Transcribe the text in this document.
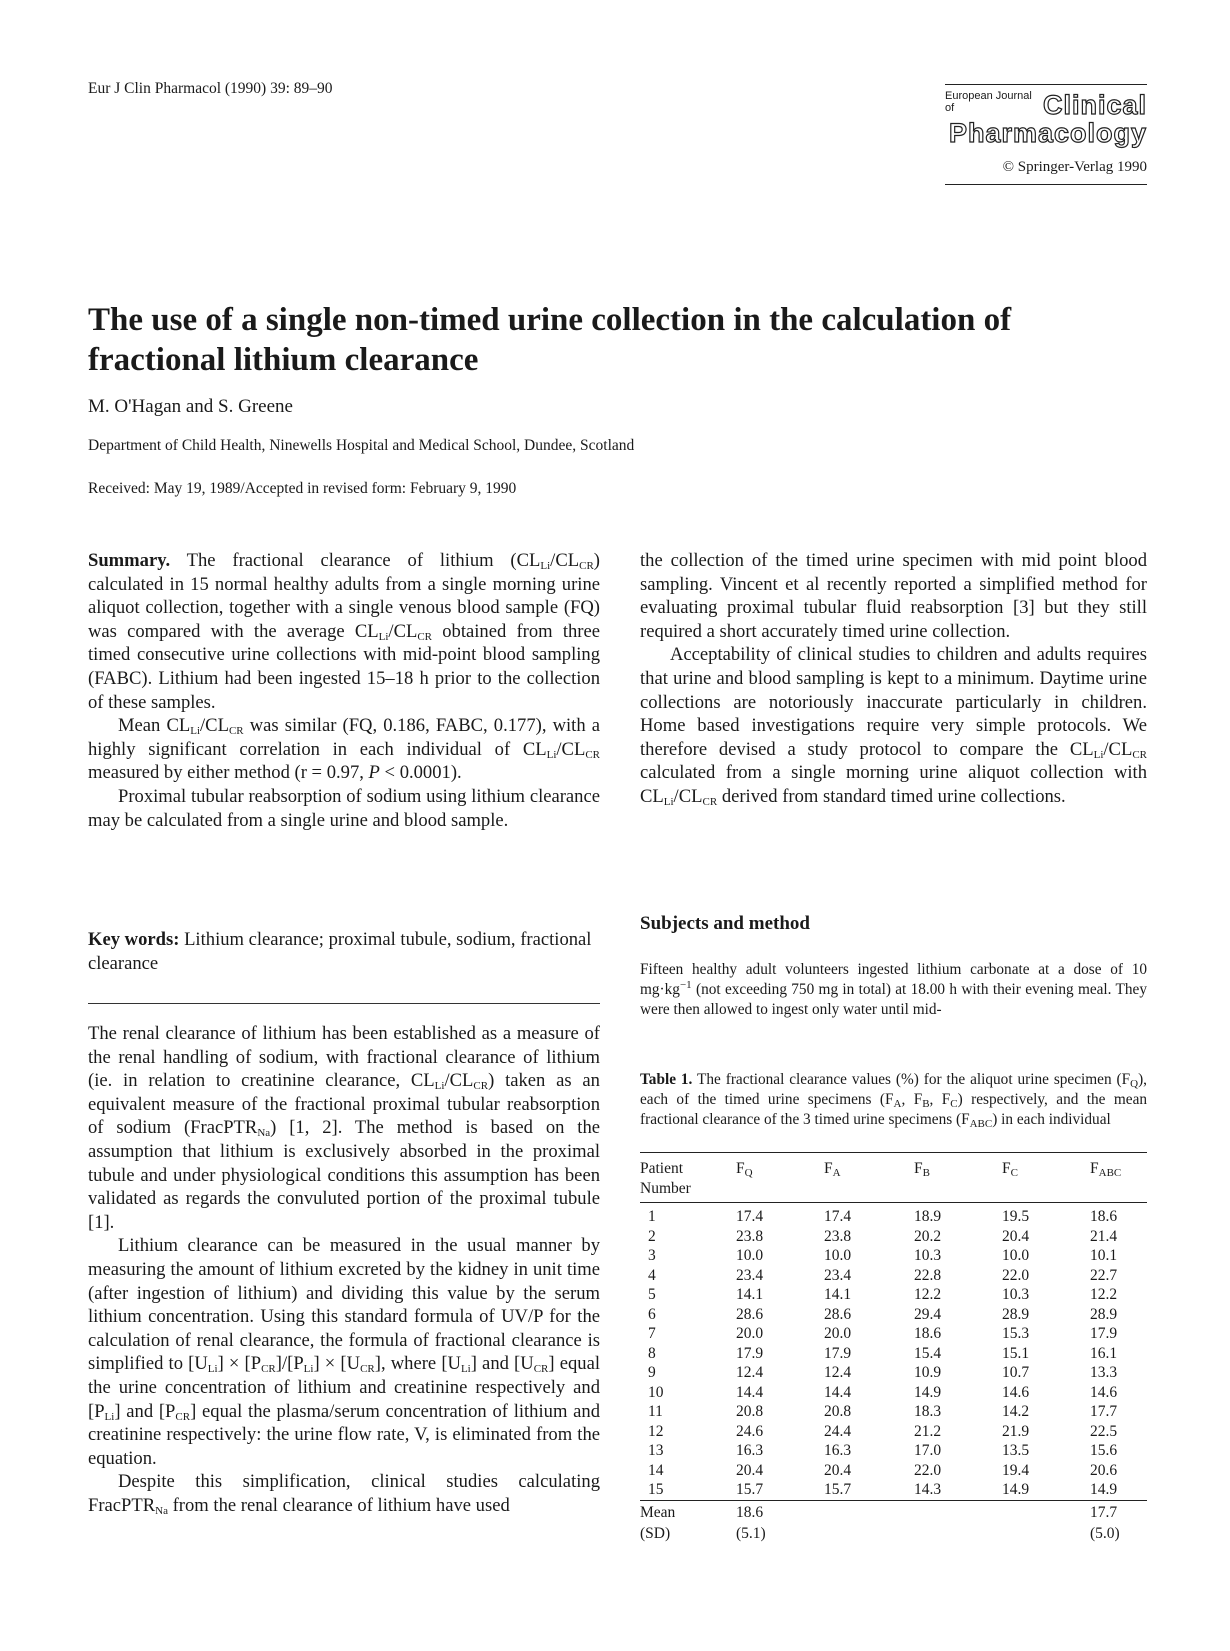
Eur J Clin Pharmacol (1990) 39: 89–90	European Journal of	Clinical
Pharmacology
© Springer-Verlag 1990
The use of a single non-timed urine collection in the calculation of fractional lithium clearance
M. O'Hagan and S. Greene
Department of Child Health, Ninewells Hospital and Medical School, Dundee, Scotland
Received: May 19, 1989/Accepted in revised form: February 9, 1990

Summary. The fractional clearance of lithium $(CL_{Li}/CL_{CR})$ calculated in 15 normal healthy adults from a single morning urine aliquot collection, together with a single venous blood sample (FQ) was compared with the average $CL_{Li}/CL_{CR}$ obtained from three timed consecutive urine collections with mid-point blood sampling (FABC). Lithium had been ingested 15–18 h prior to the collection of these samples.

Mean $CL_{Li}/CL_{CR}$ was similar (FQ, 0.186, FABC, 0.177), with a highly significant correlation in each individual of $CL_{Li}/CL_{CR}$ measured by either method (r = 0.97, P < 0.0001).

Proximal tubular reabsorption of sodium using lithium clearance may be calculated from a single urine and blood sample.

Key words: Lithium clearance; proximal tubule, sodium, fractional clearance

The renal clearance of lithium has been established as a measure of the renal handling of sodium, with fractional clearance of lithium (ie. in relation to creatinine clearance, $CL_{Li}/CL_{CR}$) taken as an equivalent measure of the fractional proximal tubular reabsorption of sodium (FracPTR$_{Na}$) [1, 2]. The method is based on the assumption that lithium is exclusively absorbed in the proximal tubule and under physiological conditions this assumption has been validated as regards the convuluted portion of the proximal tubule [1].

Lithium clearance can be measured in the usual manner by measuring the amount of lithium excreted by the kidney in unit time (after ingestion of lithium) and dividing this value by the serum lithium concentration. Using this standard formula of UV/P for the calculation of renal clearance, the formula of fractional clearance is simplified to $[U_{Li}] \times [P_{CR}]/[P_{Li}] \times [U_{CR}]$, where $[U_{Li}]$ and $[U_{CR}]$ equal the urine concentration of lithium and creatinine respectively and $[P_{Li}]$ and $[P_{CR}]$ equal the plasma/serum concentration of lithium and creatinine respectively: the urine flow rate, V, is eliminated from the equation.

Despite this simplification, clinical studies calculating FracPTR$_{Na}$ from the renal clearance of lithium have used

the collection of the timed urine specimen with mid point blood sampling. Vincent et al recently reported a simplified method for evaluating proximal tubular fluid reabsorption [3] but they still required a short accurately timed urine collection.

Acceptability of clinical studies to children and adults requires that urine and blood sampling is kept to a minimum. Daytime urine collections are notoriously inaccurate particularly in children. Home based investigations require very simple protocols. We therefore devised a study protocol to compare the $CL_{Li}/CL_{CR}$ calculated from a single morning urine aliquot collection with $CL_{Li}/CL_{CR}$ derived from standard timed urine collections.

Subjects and method
Fifteen healthy adult volunteers ingested lithium carbonate at a dose of 10 $mg\cdot kg^{-1}$ (not exceeding 750 mg in total) at 18.00 h with their evening meal. They were then allowed to ingest only water until mid-
Table 1. The fractional clearance values (%) for the aliquot urine specimen $(F_Q)$, each of the timed urine specimens ($F_A$, $F_B$, $F_C$) respectively, and the mean fractional clearance of the 3 timed urine specimens $(F_{ABC})$ in each individual
Patient
Number	$F_Q$	$F_A$	$F_B$	$F_C$	$F_{ABC}$
1	17.4	17.4	18.9	19.5	18.6
2	23.8	23.8	20.2	20.4	21.4
3	10.0	10.0	10.3	10.0	10.1
4	23.4	23.4	22.8	22.0	22.7
5	14.1	14.1	12.2	10.3	12.2
6	28.6	28.6	29.4	28.9	28.9
7	20.0	20.0	18.6	15.3	17.9
8	17.9	17.9	15.4	15.1	16.1
9	12.4	12.4	10.9	10.7	13.3
10	14.4	14.4	14.9	14.6	14.6
11	20.8	20.8	18.3	14.2	17.7
12	24.6	24.4	21.2	21.9	22.5
13	16.3	16.3	17.0	13.5	15.6
14	20.4	20.4	22.0	19.4	20.6
15	15.7	15.7	14.3	14.9	14.9
Mean	18.6				17.7
(SD)	(5.1)				(5.0)
